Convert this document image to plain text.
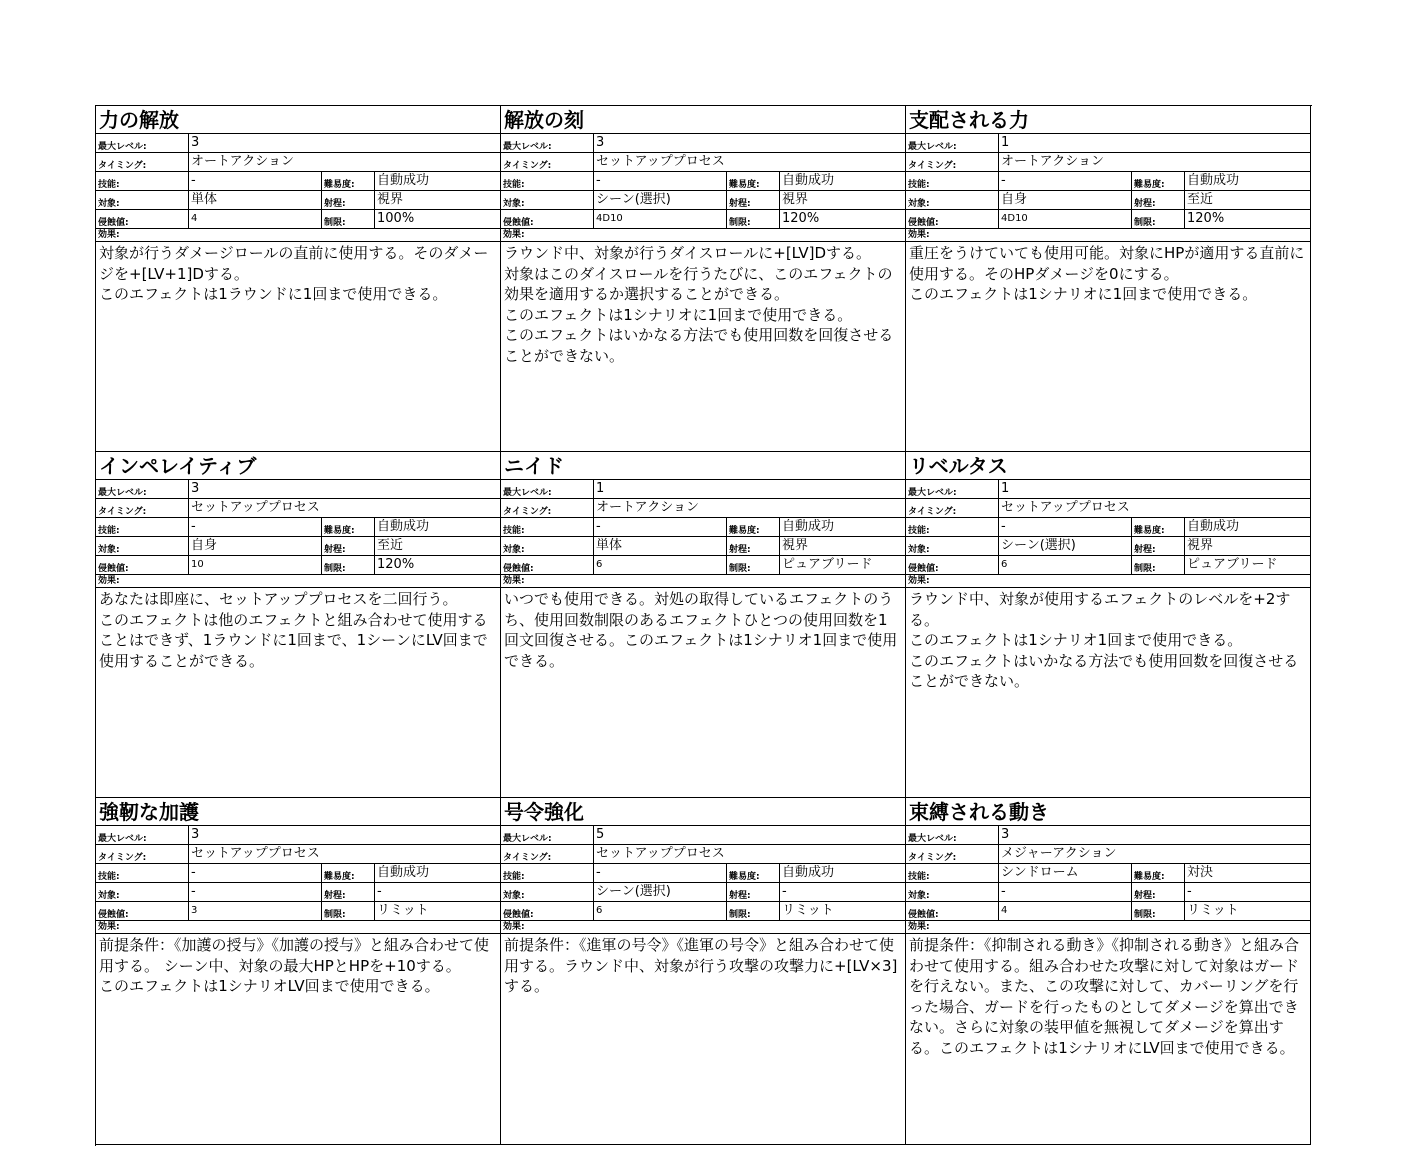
力の解放
最大レベル:	3
タイミング:	オートアクション
技能:	-	難易度:	自動成功
対象:	単体	射程:	視界
侵蝕値:	4	制限:	100%
効果:
対象が行うダメージロールの直前に使用する。そのダメージを+[LV+1]Dする。
このエフェクトは1ラウンドに1回まで使用できる。
解放の刻
最大レベル:	3
タイミング:	セットアッププロセス
技能:	-	難易度:	自動成功
対象:	シーン(選択)	射程:	視界
侵蝕値:	4D10	制限:	120%
効果:
ラウンド中、対象が行うダイスロールに+[LV]Dする。
対象はこのダイスロールを行うたびに、このエフェクトの効果を適用するか選択することができる。
このエフェクトは1シナリオに1回まで使用できる。
このエフェクトはいかなる方法でも使用回数を回復させることができない。
支配される力
最大レベル:	1
タイミング:	オートアクション
技能:	-	難易度:	自動成功
対象:	自身	射程:	至近
侵蝕値:	4D10	制限:	120%
効果:
重圧をうけていても使用可能。対象にHPが適用する直前に使用する。そのHPダメージを0にする。
このエフェクトは1シナリオに1回まで使用できる。
インペレイティブ
最大レベル:	3
タイミング:	セットアッププロセス
技能:	-	難易度:	自動成功
対象:	自身	射程:	至近
侵蝕値:	10	制限:	120%
効果:
あなたは即座に、セットアッププロセスを二回行う。
このエフェクトは他のエフェクトと組み合わせて使用することはできず、1ラウンドに1回まで、1シーンにLV回まで使用することができる。
ニイド
最大レベル:	1
タイミング:	オートアクション
技能:	-	難易度:	自動成功
対象:	単体	射程:	視界
侵蝕値:	6	制限:	ピュアブリード
効果:
いつでも使用できる。対処の取得しているエフェクトのうち、使用回数制限のあるエフェクトひとつの使用回数を1回文回復させる。このエフェクトは1シナリオ1回まで使用できる。
リベルタス
最大レベル:	1
タイミング:	セットアッププロセス
技能:	-	難易度:	自動成功
対象:	シーン(選択)	射程:	視界
侵蝕値:	6	制限:	ピュアブリード
効果:
ラウンド中、対象が使用するエフェクトのレベルを+2する。
このエフェクトは1シナリオ1回まで使用できる。
このエフェクトはいかなる方法でも使用回数を回復させることができない。
強靭な加護
最大レベル:	3
タイミング:	セットアッププロセス
技能:	-	難易度:	自動成功
対象:	-	射程:	-
侵蝕値:	3	制限:	リミット
効果:
前提条件：《加護の授与》《加護の授与》と組み合わせて使用する。 シーン中、対象の最大HPとHPを+10する。
このエフェクトは1シナリオLV回まで使用できる。
号令強化
最大レベル:	5
タイミング:	セットアッププロセス
技能:	-	難易度:	自動成功
対象:	シーン(選択)	射程:	-
侵蝕値:	6	制限:	リミット
効果:
前提条件：《進軍の号令》《進軍の号令》と組み合わせて使用する。ラウンド中、対象が行う攻撃の攻撃力に+[LV×3]する。
束縛される動き
最大レベル:	3
タイミング:	メジャーアクション
技能:	シンドローム	難易度:	対決
対象:	-	射程:	-
侵蝕値:	4	制限:	リミット
効果:
前提条件：《抑制される動き》《抑制される動き》と組み合わせて使用する。組み合わせた攻撃に対して対象はガードを行えない。また、この攻撃に対して、カバーリングを行った場合、ガードを行ったものとしてダメージを算出できない。さらに対象の装甲値を無視してダメージを算出する。このエフェクトは1シナリオにLV回まで使用できる。
